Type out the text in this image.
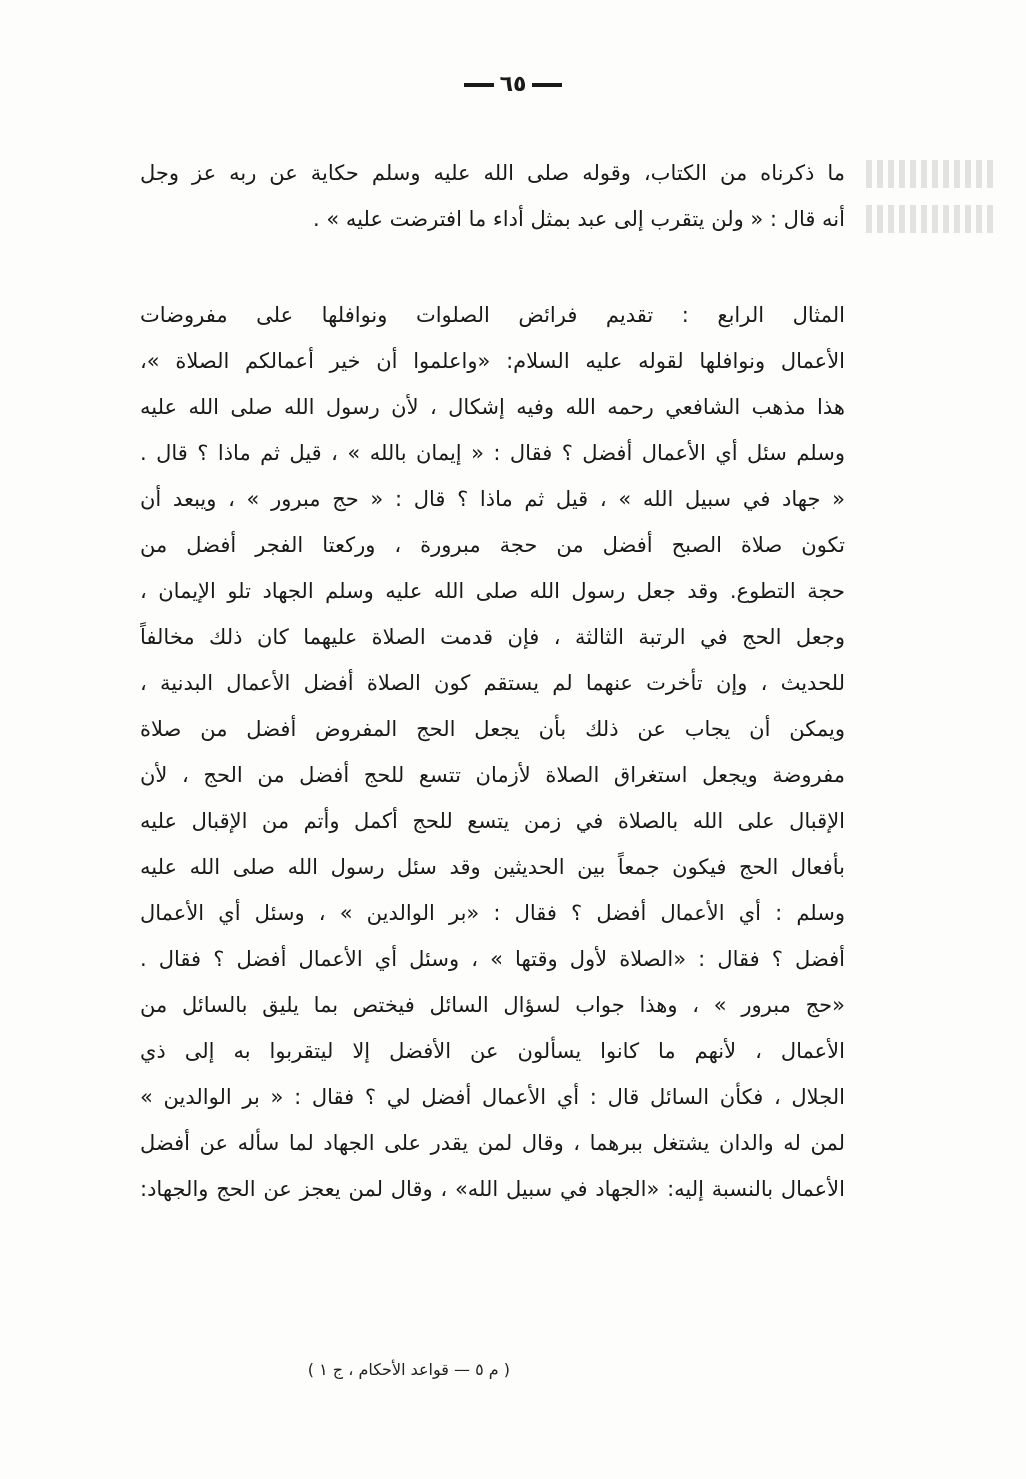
٦٥
ما ذكرناه من الكتاب، وقوله صلى الله عليه وسلم حكاية عن ربه عز وجل
أنه قال : « ولن يتقرب إلى عبد بمثل أداء ما افترضت عليه » .
المثال الرابع : تقديم فرائض الصلوات ونوافلها على مفروضات
الأعمال ونوافلها لقوله عليه السلام: «واعلموا أن خير أعمالكم الصلاة »،
هذا مذهب الشافعي رحمه الله وفيه إشكال ، لأن رسول الله صلى الله عليه
وسلم سئل أي الأعمال أفضل ؟ فقال : « إيمان بالله » ، قيل ثم ماذا ؟ قال .
« جهاد في سبيل الله » ، قيل ثم ماذا ؟ قال : « حج مبرور » ، ويبعد أن
تكون صلاة الصبح أفضل من حجة مبرورة ، وركعتا الفجر أفضل من
حجة التطوع. وقد جعل رسول الله صلى الله عليه وسلم الجهاد تلو الإيمان ،
وجعل الحج في الرتبة الثالثة ، فإن قدمت الصلاة عليهما كان ذلك مخالفاً
للحديث ، وإن تأخرت عنهما لم يستقم كون الصلاة أفضل الأعمال البدنية ،
ويمكن أن يجاب عن ذلك بأن يجعل الحج المفروض أفضل من صلاة
مفروضة ويجعل استغراق الصلاة لأزمان تتسع للحج أفضل من الحج ، لأن
الإقبال على الله بالصلاة في زمن يتسع للحج أكمل وأتم من الإقبال عليه
بأفعال الحج فيكون جمعاً بين الحديثين وقد سئل رسول الله صلى الله عليه
وسلم : أي الأعمال أفضل ؟ فقال : «بر الوالدين » ، وسئل أي الأعمال
أفضل ؟ فقال : «الصلاة لأول وقتها » ، وسئل أي الأعمال أفضل ؟ فقال .
«حج مبرور » ، وهذا جواب لسؤال السائل فيختص بما يليق بالسائل من
الأعمال ، لأنهم ما كانوا يسألون عن الأفضل إلا ليتقربوا به إلى ذي
الجلال ، فكأن السائل قال : أي الأعمال أفضل لي ؟ فقال : « بر الوالدين »
لمن له والدان يشتغل ببرهما ، وقال لمن يقدر على الجهاد لما سأله عن أفضل
الأعمال بالنسبة إليه: «الجهاد في سبيل الله» ، وقال لمن يعجز عن الحج والجهاد:
( م ٥ — قواعد الأحكام ، ج ١ )
